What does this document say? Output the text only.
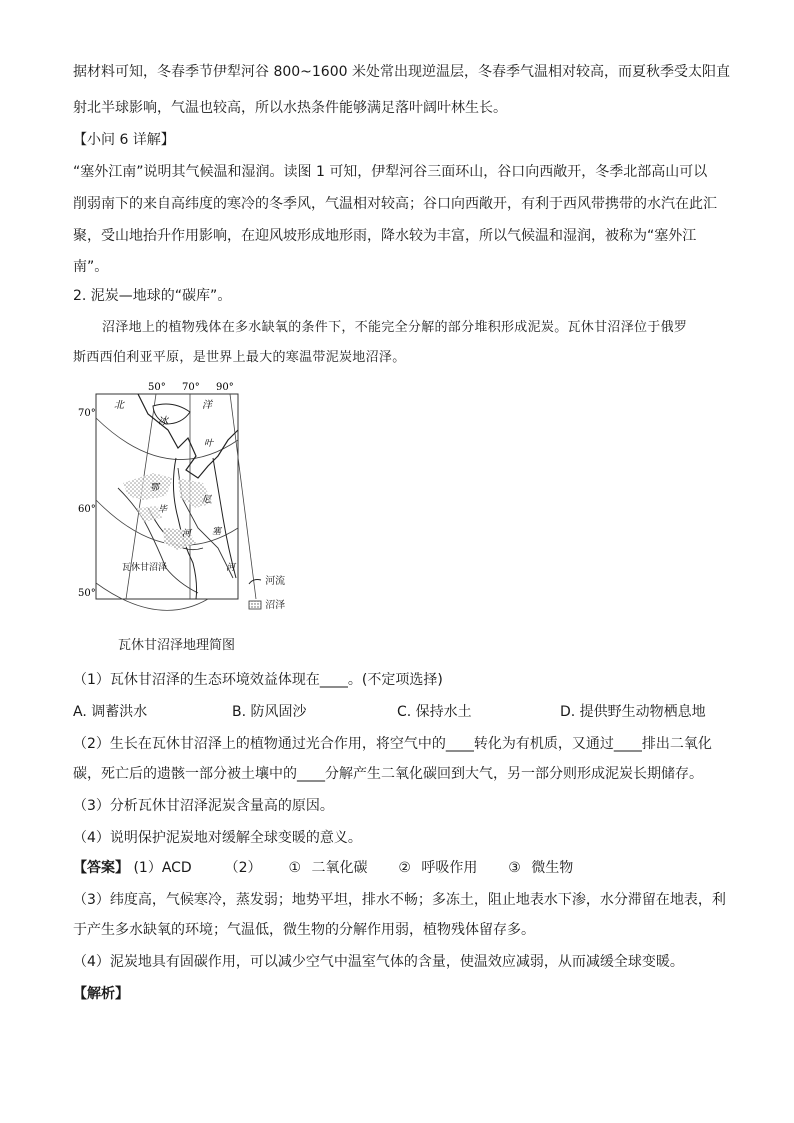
据材料可知，冬春季节伊犁河谷 800~1600 米处常出现逆温层，冬春季气温相对较高，而夏秋季受太阳直
射北半球影响，气温也较高，所以水热条件能够满足落叶阔叶林生长。
【小问 6 详解】
“塞外江南”说明其气候温和湿润。读图 1 可知，伊犁河谷三面环山，谷口向西敞开，冬季北部高山可以
削弱南下的来自高纬度的寒冷的冬季风，气温相对较高；谷口向西敞开，有利于西风带携带的水汽在此汇
聚，受山地抬升作用影响，在迎风坡形成地形雨，降水较为丰富，所以气候温和湿润，被称为“塞外江
南”。
2. 泥炭—地球的“碳库”。
沼泽地上的植物残体在多水缺氧的条件下，不能完全分解的部分堆积形成泥炭。瓦休甘沼泽位于俄罗
斯西西伯利亚平原，是世界上最大的寒温带泥炭地沼泽。
50° 70° 90°
70°
60°
50°
北
冰
洋
鄂
毕
河
叶
尼
塞
河
瓦休甘沼泽
河流
沼泽
瓦休甘沼泽地理简图
（1）瓦休甘沼泽的生态环境效益体现在____。(不定项选择)
A. 调蓄洪水	B. 防风固沙	C. 保持水土	D. 提供野生动物栖息地
（2）生长在瓦休甘沼泽上的植物通过光合作用，将空气中的____转化为有机质，又通过____排出二氧化
碳，死亡后的遗骸一部分被土壤中的____分解产生二氧化碳回到大气，另一部分则形成泥炭长期储存。
（3）分析瓦休甘沼泽泥炭含量高的原因。
（4）说明保护泥炭地对缓解全球变暖的意义。
【答案】 (1）ACD （2） ① 二氧化碳 ② 呼吸作用 ③ 微生物
（3）纬度高，气候寒冷，蒸发弱；地势平坦，排水不畅；多冻土，阻止地表水下渗，水分滞留在地表，利
于产生多水缺氧的环境；气温低，微生物的分解作用弱，植物残体留存多。
（4）泥炭地具有固碳作用，可以减少空气中温室气体的含量，使温效应减弱，从而减缓全球变暖。
【解析】
